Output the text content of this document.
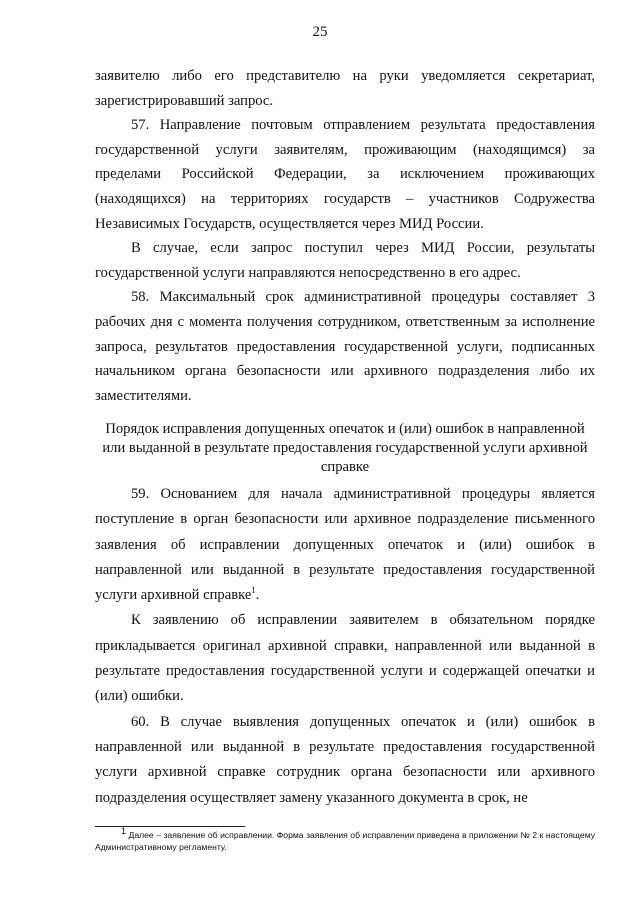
25

заявителю либо его представителю на руки уведомляется секретариат, зарегистрировавший запрос.

57. Направление почтовым отправлением результата предоставления государственной услуги заявителям, проживающим (находящимся) за пределами Российской Федерации, за исключением проживающих (находящихся) на территориях государств – участников Содружества Независимых Государств, осуществляется через МИД России.

В случае, если запрос поступил через МИД России, результаты государственной услуги направляются непосредственно в его адрес.

58. Максимальный срок административной процедуры составляет 3 рабочих дня с момента получения сотрудником, ответственным за исполнение запроса, результатов предоставления государственной услуги, подписанных начальником органа безопасности или архивного подразделения либо их заместителями.

Порядок исправления допущенных опечаток и (или) ошибок в направленной или выданной в результате предоставления государственной услуги архивной справке

59. Основанием для начала административной процедуры является поступление в орган безопасности или архивное подразделение письменного заявления об исправлении допущенных опечаток и (или) ошибок в направленной или выданной в результате предоставления государственной услуги архивной справке$^1$.

К заявлению об исправлении заявителем в обязательном порядке прикладывается оригинал архивной справки, направленной или выданной в результате предоставления государственной услуги и содержащей опечатки и (или) ошибки.

60. В случае выявления допущенных опечаток и (или) ошибок в направленной или выданной в результате предоставления государственной услуги архивной справке сотрудник органа безопасности или архивного подразделения осуществляет замену указанного документа в срок, не

$^1$ Далее – заявление об исправлении. Форма заявления об исправлении приведена в приложении № 2 к настоящему Административному регламенту.
